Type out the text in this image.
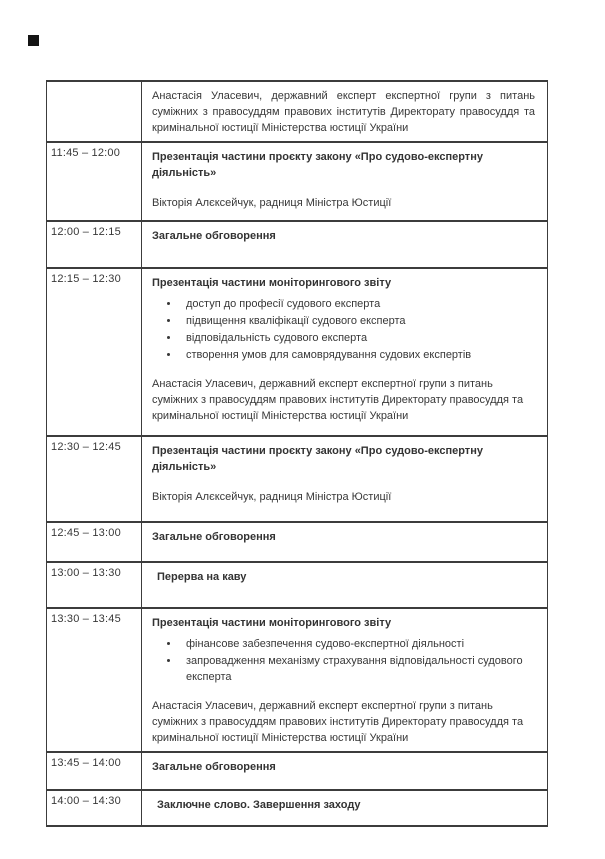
	Анастасія Уласевич, державний експерт експертної групи з питань суміжних з правосуддям правових інститутів Директорату правосуддя та кримінальної юстиції Міністерства юстиції України

11:45 – 12:00	Презентація частини проєкту закону «Про судово-експертну діяльність»
Вікторія Алєксейчук, радниця Міністра Юстиції

12:00 – 12:15	Загальне обговорення

12:15 – 12:30	Презентація частини моніторингового звіту
• доступ до професії судового експерта
• підвищення кваліфікації судового експерта
• відповідальність судового експерта
• створення умов для самоврядування судових експертів
Анастасія Уласевич, державний експерт експертної групи з питань суміжних з правосуддям правових інститутів Директорату правосуддя та кримінальної юстиції Міністерства юстиції України

12:30 – 12:45	Презентація частини проєкту закону «Про судово-експертну діяльність»
Вікторія Алєксейчук, радниця Міністра Юстиції

12:45 – 13:00	Загальне обговорення

13:00 – 13:30	Перерва на каву

13:30 – 13:45	Презентація частини моніторингового звіту
• фінансове забезпечення судово-експертної діяльності
• запровадження механізму страхування відповідальності судового експерта
Анастасія Уласевич, державний експерт експертної групи з питань суміжних з правосуддям правових інститутів Директорату правосуддя та кримінальної юстиції Міністерства юстиції України

13:45 – 14:00	Загальне обговорення

14:00 – 14:30	Заключне слово. Завершення заходу
